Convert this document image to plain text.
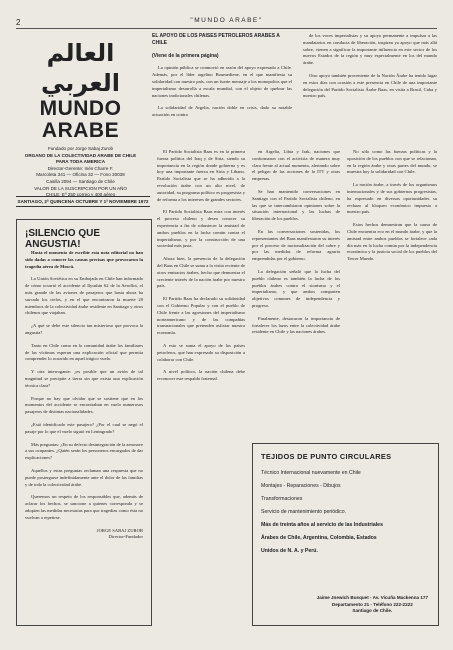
2	"MUNDO ARABE"
العالم العربي
MUNDO ARABE
Fundado por Jorge Sabaj Zurob
ORGANO DE LA COLECTIVIDAD ARABE DE CHILE
PARA TODA AMERICA
Director-Gerente: Inés Charre F.
Marcoleta 341 — Oficina 32 — Fono 30038
Casilla 2094 — Santiago de Chile
VALOR DE LA SUSCRIPCION POR UN AÑO
CHILE: Eº 250 correo y 400 aéreo
SANTIAGO, 2ª QUINCENA OCTUBRE Y 1ª NOVIEMBRE 1972
EL APOYO DE LOS PAISES PETROLEROS ARABES A CHILE
(Viene de la primera página)

La opinión pública se conmovió en razón del apoyo expresado a Chile. Además, por el líder argelino Boumediene, en el que manifiesta su solidaridad con nuestro país, con un fuerte mensaje a los monopolios que el imperialismo desarrolla a escala mundial, con el objeto de quebrar las naciones tradicionales chilenas.

La solidaridad de Argelia, nación doble en crisis, dado su notable actuación en contra

de los voces imperialistas y su apoyo permanente a impulsar a las mandatarios en conducta de liberación, inspiran ya apoyo que más allá sobre, vienen a significar la importante influencia en este sector de los nuevos Estados de la región y muy especialmente en los del mundo árabe.

Otro apoyo también proveniente de la Nación Árabe ha tenido lugar en estos días con ocasión a este presencia en Chile de una importante delegación del Partido Socialista Árabe Baas, en visita a Brasil, Cuba y nuestro país.

¡SILENCIO QUE ANGUSTIA!

Hasta el momento de escribir esta nota editorial no han sido dadas a conocer las causas precisas que provocaron la tragedia aérea de Moscú.

La Unión Soviética en su Embajada en Chile han informado de cómo ocurrió el accidente al Ilyushin 62 de la Aeroflot, el más grande de las aviones de pasajeros que hasta ahora ha surcado los cielos, y en el que encontraron la muerte 20 miembros de la colectividad árabe residente en Santiago y otros chilenos que viajaban.

¿A qué se debe este silencio tan misterioso que provoca la angustia?

Tanto en Chile como en la comunidad árabe los familiares de las víctimas esperan una explicación oficial que permita comprender lo ocurrido en aquel trágico vuelo.

Y otra interrogante: ¿es posible que un avión de tal magnitud se precipite a tierra sin que exista una explicación técnica clara?

Porque no hay que olvidar que se sostiene que en los momentos del accidente se encontraban en vuelo numerosos pasajeros de distintas nacionalidades.

¿Está identificado este pasajero? ¿Por el cual se negó el pasaje por lo que el vuelo siguió en Leningrado?

Más preguntas: ¿En su defecto desintegración de la aeronave a sus ocupantes, ¿Quién serán los personeros encargados de dar explicaciones?

Aquellos y estas preguntas reclaman una respuesta que no puede postergarse indefinidamente ante el dolor de las familias y de toda la colectividad árabe.

Queremos un respeto de los responsables que, además de aclarar los hechos, se sancione a quienes corresponda y se adopten las medidas necesarias para que tragedias como ésta no vuelvan a repetirse.

JORGE SABAJ ZUROB
Director-Fundador

El Partido Socialista Baas es en la primera fuerza política del Iraq y de Siria, siendo su importancia en la región donde gobierna y es hoy una importante fuerza en Siria y Líbano. Partido Socialista que se ha adherido a la revolución árabe con un alto nivel, de autoridad, su programa político es progresista y de reforma a los intereses de grandes sectores.

El Partido Socialista Baas mira con interés el proceso chileno y desea conocer su experiencia a fin de robustecer la amistad de ambos pueblos en la lucha común contra el imperialismo, y por la construcción de una sociedad más justa.

Ahora bien, la presencia de la delegación del Baas en Chile se suma a la visita reciente de otros emisarios árabes, hecho que demuestra el creciente interés de la nación árabe por nuestro país.

El Partido Baas ha declarado su solidaridad con el Gobierno Popular y con el pueblo de Chile frente a las agresiones del imperialismo norteamericano y de las compañías transnacionales que pretenden asfixiar nuestra economía.

A esto se suma el apoyo de los países petroleros, que han expresado su disposición a colaborar con Chile.

A nivel político, la nación chilena debe reconocer este respaldo fraternal.

en Argelia, Libia y Irak, naciones que conformaron con el activista de manera muy clara frente al actual momento, alertando sobre el peligro de las acciones de la ITT y otras empresas.

Se han mantenido conversaciones en Santiago con el Partido Socialista chileno, en las que se intercambiaron opiniones sobre la situación internacional y las luchas de liberación de los pueblos.

En las conversaciones sostenidas, los representantes del Baas manifestaron su interés por el proceso de nacionalización del cobre y por las medidas de reforma agraria emprendidas por el gobierno.

La delegación señaló que la lucha del pueblo chileno es también la lucha de los pueblos árabes contra el sionismo y el imperialismo, y que ambos comparten objetivos comunes de independencia y progreso.

Finalmente, destacaron la importancia de fortalecer los lazos entre la colectividad árabe residente en Chile y las naciones árabes.

No sólo como las fuerzas políticas y la oposición de los pueblos con que se relacionan, en la región árabe y otras partes del mundo, se muestra hoy la solidaridad con Chile.

La nación árabe, a través de los organismos internacionales y de sus gobiernos progresistas, ha expresado en diversas oportunidades su rechazo al bloqueo económico impuesto a nuestro país.

Estos hechos demuestran que la causa de Chile encuentra eco en el mundo árabe, y que la amistad entre ambos pueblos se fortalece cada día más en la lucha común por la independencia económica y la justicia social de los pueblos del Tercer Mundo.

TEJIDOS DE PUNTO CIRCULARES
Técnico Internacional nuevamente en Chile
Montajes - Reparaciones - Dibujos
Transformaciones
Servicio de mantenimiento periódico.
Más de treinta años al servicio de las Industriales
Árabes de Chile, Argentina, Colombia, Estados
Unidos de N. A. y Perú.
Jaime Jnewich Busquet - Av. Vicuña Mackenna 177
Departamento 21 - Teléfono 222-2222
Santiago de Chile.
